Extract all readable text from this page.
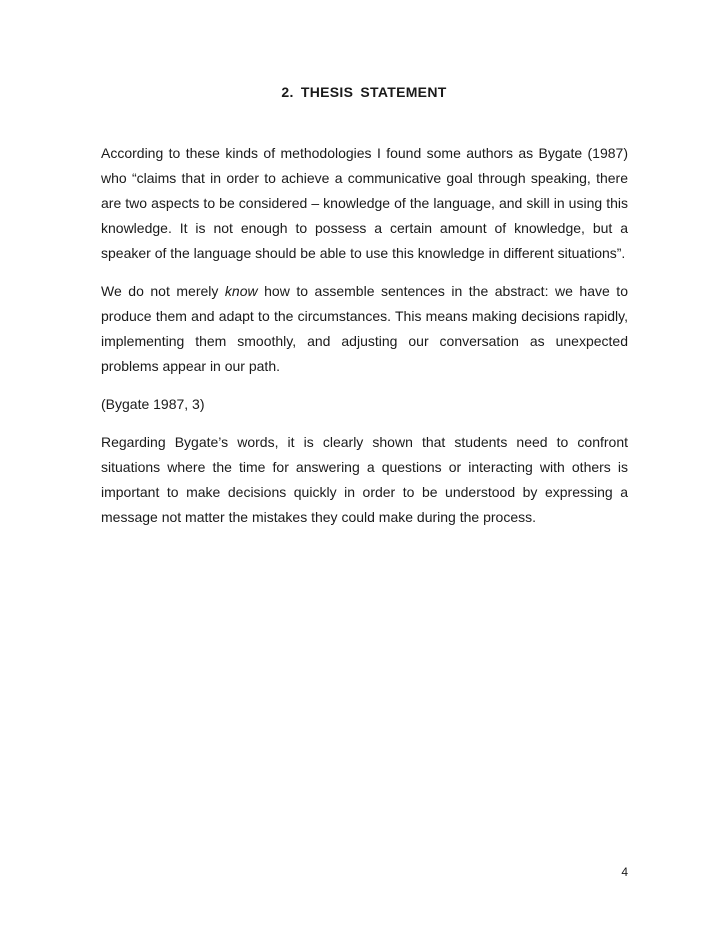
2. THESIS STATEMENT

According to these kinds of methodologies I found some authors as Bygate (1987) who “claims that in order to achieve a communicative goal through speaking, there are two aspects to be considered – knowledge of the language, and skill in using this knowledge. It is not enough to possess a certain amount of knowledge, but a speaker of the language should be able to use this knowledge in different situations”.

We do not merely know how to assemble sentences in the abstract: we have to produce them and adapt to the circumstances. This means making decisions rapidly, implementing them smoothly, and adjusting our conversation as unexpected problems appear in our path.

(Bygate 1987, 3)

Regarding Bygate’s words, it is clearly shown that students need to confront situations where the time for answering a questions or interacting with others is important to make decisions quickly in order to be understood by expressing a message not matter the mistakes they could make during the process.

4
